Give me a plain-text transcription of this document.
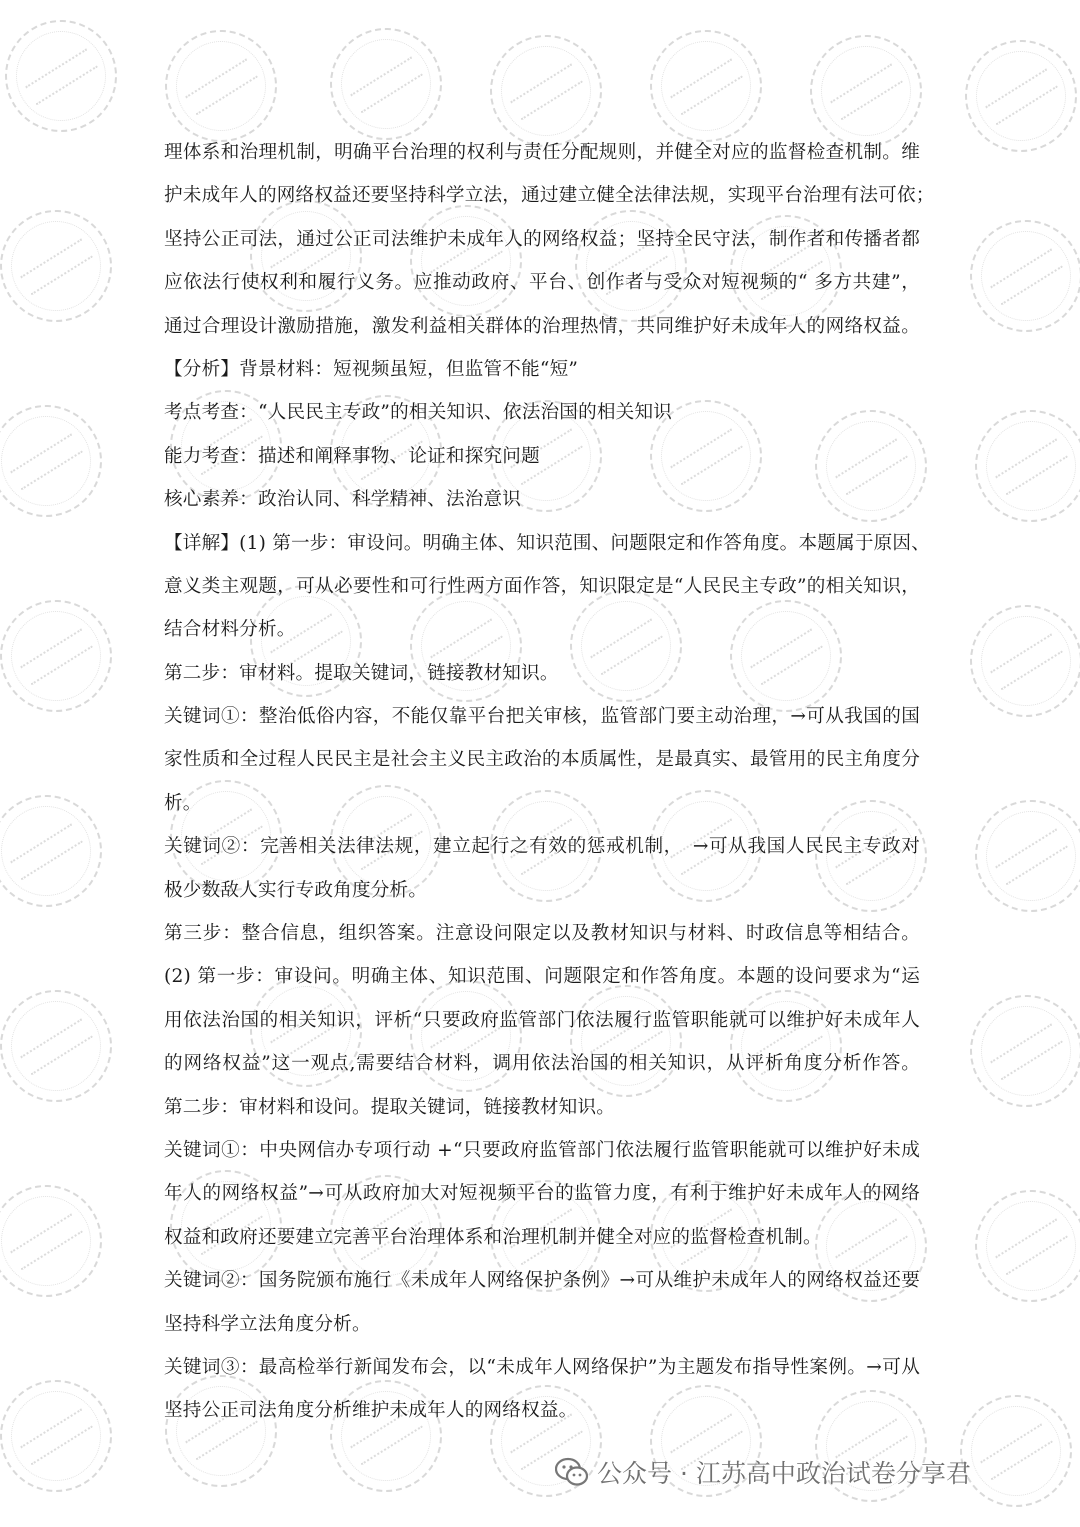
理体系和治理机制，明确平台治理的权利与责任分配规则，并健全对应的监督检查机制。维
护未成年人的网络权益还要坚持科学立法，通过建立健全法律法规，实现平台治理有法可依；
坚持公正司法，通过公正司法维护未成年人的网络权益；坚持全民守法，制作者和传播者都
应依法行使权利和履行义务。应推动政府、平台、创作者与受众对短视频的“ 多方共建”，
通过合理设计激励措施，激发利益相关群体的治理热情，共同维护好未成年人的网络权益。
【分析】背景材料：短视频虽短，但监管不能“短”
考点考查：“人民民主专政”的相关知识、依法治国的相关知识
能力考查：描述和阐释事物、论证和探究问题
核心素养：政治认同、科学精神、法治意识
【详解】(1) 第一步：审设问。明确主体、知识范围、问题限定和作答角度。本题属于原因、
意义类主观题，可从必要性和可行性两方面作答，知识限定是“人民民主专政”的相关知识，
结合材料分析。
第二步：审材料。提取关键词，链接教材知识。
关键词①：整治低俗内容，不能仅靠平台把关审核，监管部门要主动治理，→可从我国的国
家性质和全过程人民民主是社会主义民主政治的本质属性，是最真实、最管用的民主角度分
析。
关键词②：完善相关法律法规，建立起行之有效的惩戒机制，　→可从我国人民民主专政对
极少数敌人实行专政角度分析。
第三步：整合信息，组织答案。注意设问限定以及教材知识与材料、时政信息等相结合。
(2) 第一步：审设问。明确主体、知识范围、问题限定和作答角度。本题的设问要求为“运
用依法治国的相关知识，评析“只要政府监管部门依法履行监管职能就可以维护好未成年人
的网络权益”这一观点,需要结合材料，调用依法治国的相关知识，从评析角度分析作答。
第二步：审材料和设问。提取关键词，链接教材知识。
关键词①：中央网信办专项行动 +“只要政府监管部门依法履行监管职能就可以维护好未成
年人的网络权益”→可从政府加大对短视频平台的监管力度，有利于维护好未成年人的网络
权益和政府还要建立完善平台治理体系和治理机制并健全对应的监督检查机制。
关键词②：国务院颁布施行《未成年人网络保护条例》→可从维护未成年人的网络权益还要
坚持科学立法角度分析。
关键词③：最高检举行新闻发布会，以“未成年人网络保护”为主题发布指导性案例。→可从
坚持公正司法角度分析维护未成年人的网络权益。
公众号 · 江苏高中政治试卷分享君
